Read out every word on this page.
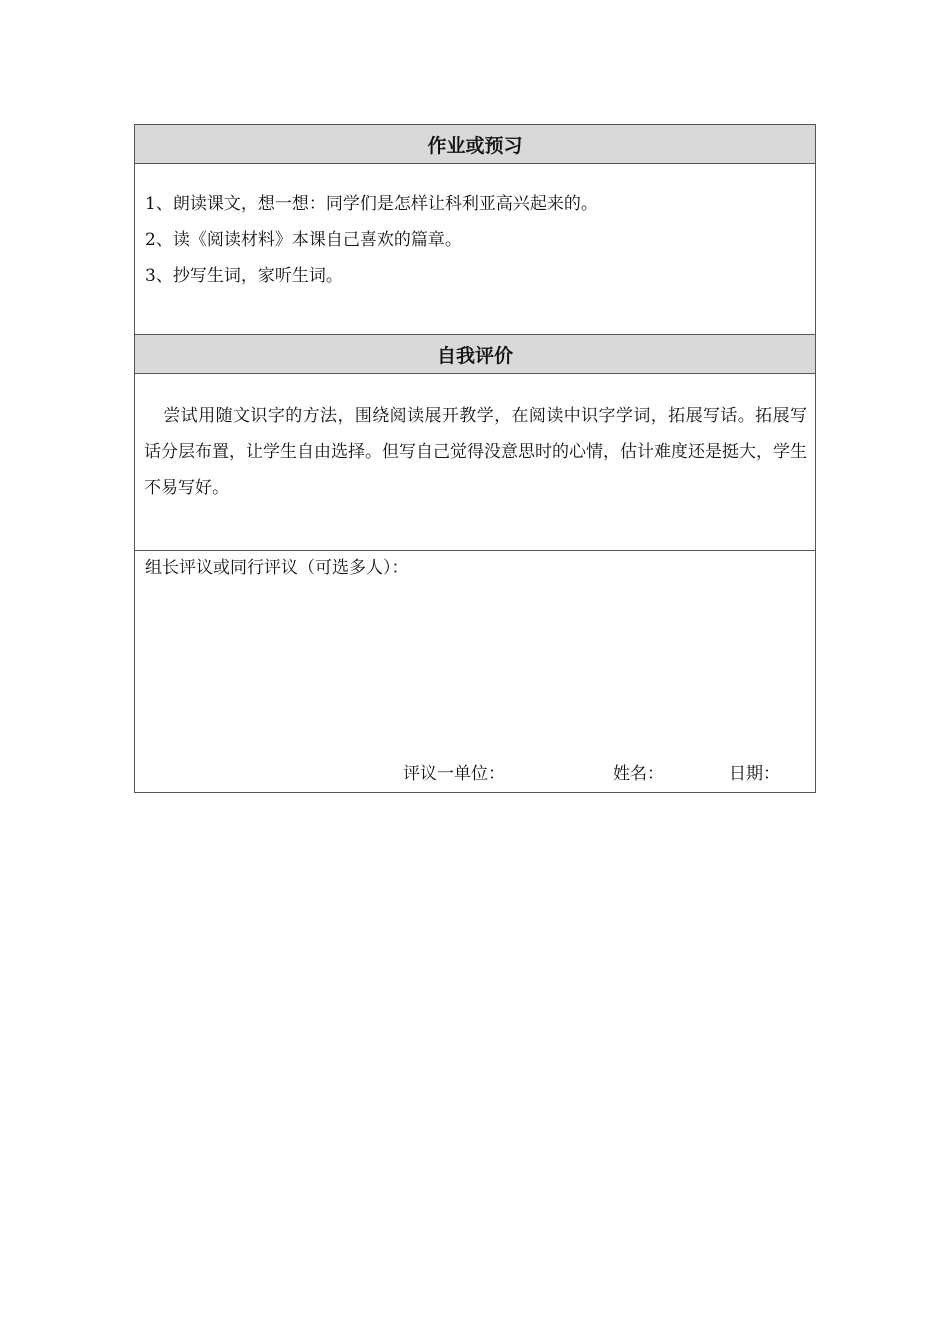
作业或预习
1、朗读课文，想一想：同学们是怎样让科利亚高兴起来的。
2、读《阅读材料》本课自己喜欢的篇章。
3、抄写生词，家听生词。
自我评价
尝试用随文识字的方法，围绕阅读展开教学，在阅读中识字学词，拓展写话。拓展写话分层布置，让学生自由选择。但写自己觉得没意思时的心情，估计难度还是挺大，学生不易写好。
组长评议或同行评议（可选多人）：
评议一单位：	姓名：	日期：
